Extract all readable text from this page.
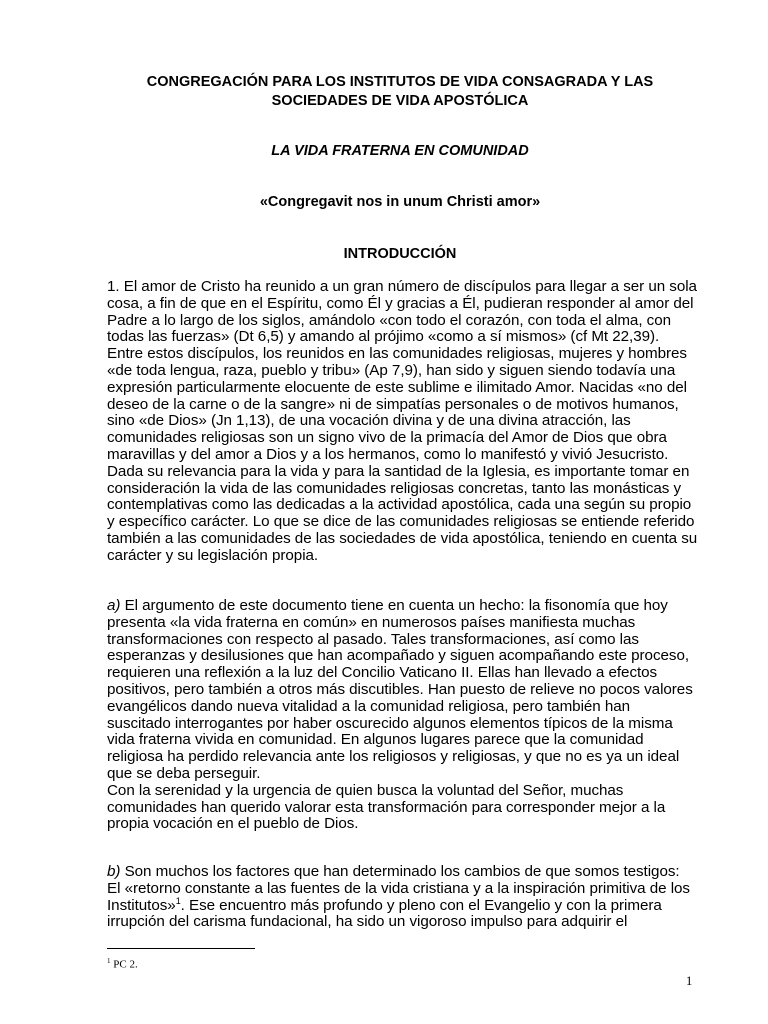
CONGREGACIÓN PARA LOS INSTITUTOS DE VIDA CONSAGRADA Y LAS
SOCIEDADES DE VIDA APOSTÓLICA
LA VIDA FRATERNA EN COMUNIDAD
«Congregavit nos in unum Christi amor»
INTRODUCCIÓN
1. El amor de Cristo ha reunido a un gran número de discípulos para llegar a ser un sola
cosa, a fin de que en el Espíritu, como Él y gracias a Él, pudieran responder al amor del
Padre a lo largo de los siglos, amándolo «con todo el corazón, con toda el alma, con
todas las fuerzas» (Dt 6,5) y amando al prójimo «como a sí mismos» (cf Mt 22,39).
Entre estos discípulos, los reunidos en las comunidades religiosas, mujeres y hombres
«de toda lengua, raza, pueblo y tribu» (Ap 7,9), han sido y siguen siendo todavía una
expresión particularmente elocuente de este sublime e ilimitado Amor. Nacidas «no del
deseo de la carne o de la sangre» ni de simpatías personales o de motivos humanos,
sino «de Dios» (Jn 1,13), de una vocación divina y de una divina atracción, las
comunidades religiosas son un signo vivo de la primacía del Amor de Dios que obra
maravillas y del amor a Dios y a los hermanos, como lo manifestó y vivió Jesucristo.
Dada su relevancia para la vida y para la santidad de la Iglesia, es importante tomar en
consideración la vida de las comunidades religiosas concretas, tanto las monásticas y
contemplativas como las dedicadas a la actividad apostólica, cada una según su propio
y específico carácter. Lo que se dice de las comunidades religiosas se entiende referido
también a las comunidades de las sociedades de vida apostólica, teniendo en cuenta su
carácter y su legislación propia.
a) El argumento de este documento tiene en cuenta un hecho: la fisonomía que hoy
presenta «la vida fraterna en común» en numerosos países manifiesta muchas
transformaciones con respecto al pasado. Tales transformaciones, así como las
esperanzas y desilusiones que han acompañado y siguen acompañando este proceso,
requieren una reflexión a la luz del Concilio Vaticano II. Ellas han llevado a efectos
positivos, pero también a otros más discutibles. Han puesto de relieve no pocos valores
evangélicos dando nueva vitalidad a la comunidad religiosa, pero también han
suscitado interrogantes por haber oscurecido algunos elementos típicos de la misma
vida fraterna vivida en comunidad. En algunos lugares parece que la comunidad
religiosa ha perdido relevancia ante los religiosos y religiosas, y que no es ya un ideal
que se deba perseguir.
Con la serenidad y la urgencia de quien busca la voluntad del Señor, muchas
comunidades han querido valorar esta transformación para corresponder mejor a la
propia vocación en el pueblo de Dios.
b) Son muchos los factores que han determinado los cambios de que somos testigos:
El «retorno constante a las fuentes de la vida cristiana y a la inspiración primitiva de los
Institutos»$^1$. Ese encuentro más profundo y pleno con el Evangelio y con la primera
irrupción del carisma fundacional, ha sido un vigoroso impulso para adquirir el
$^1$ PC 2.
1
